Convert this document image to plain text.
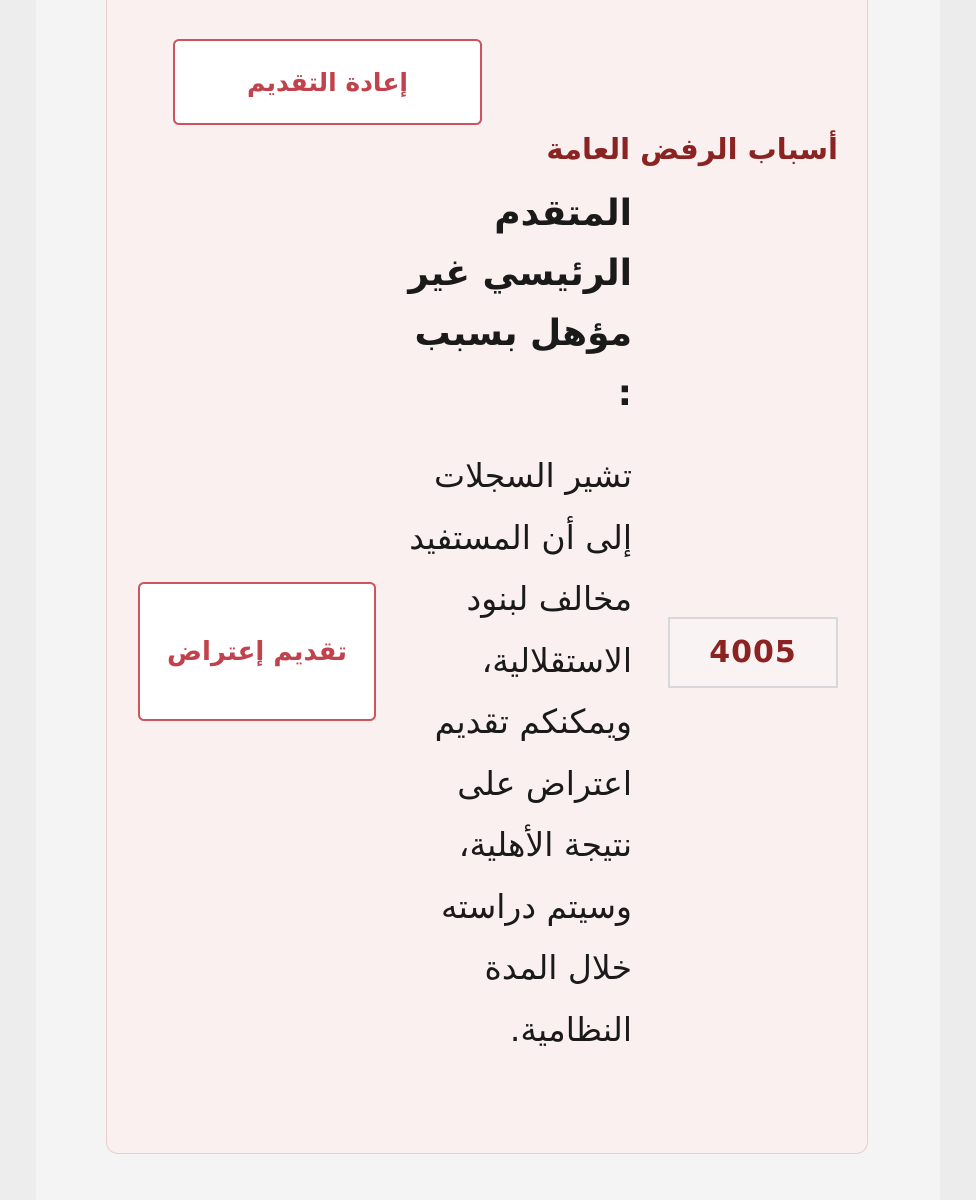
إعادة التقديم
أسباب الرفض العامة
المتقدم الرئيسي غير مؤهل بسبب :
تشير السجلات إلى أن المستفيد مخالف لبنود الاستقلالية، ويمكنكم تقديم اعتراض على نتيجة الأهلية، وسيتم دراسته خلال المدة النظامية.
4005
تقديم إعتراض
